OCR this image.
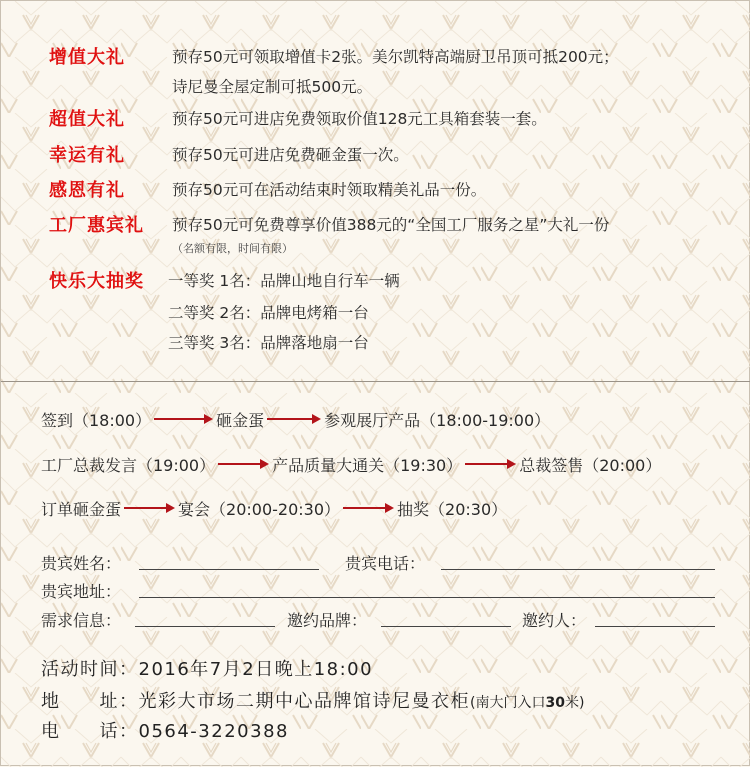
增值大礼	预存50元可领取增值卡2张。美尔凯特高端厨卫吊顶可抵200元；
诗尼曼全屋定制可抵500元。
超值大礼	预存50元可进店免费领取价值128元工具箱套装一套。
幸运有礼	预存50元可进店免费砸金蛋一次。
感恩有礼	预存50元可在活动结束时领取精美礼品一份。
工厂惠宾礼 预存50元可免费尊享价值388元的“全国工厂服务之星”大礼一份
（名额有限，时间有限）
快乐大抽奖 一等奖 1名：品牌山地自行车一辆
二等奖 2名：品牌电烤箱一台
三等奖 3名：品牌落地扇一台
签到（18:00）	砸金蛋	参观展厅产品（18:00-19:00）
工厂总裁发言（19:00）	产品质量大通关（19:30）	总裁签售（20:00）
订单砸金蛋	宴会（20:00-20:30）	抽奖（20:30）
贵宾姓名：	贵宾电话：
贵宾地址：
需求信息：	邀约品牌：	邀约人：
活动时间：2016年7月2日晚上18:00
地　　址：光彩大市场二期中心品牌馆诗尼曼衣柜(南大门入口30米)
电　　话：0564-3220388
